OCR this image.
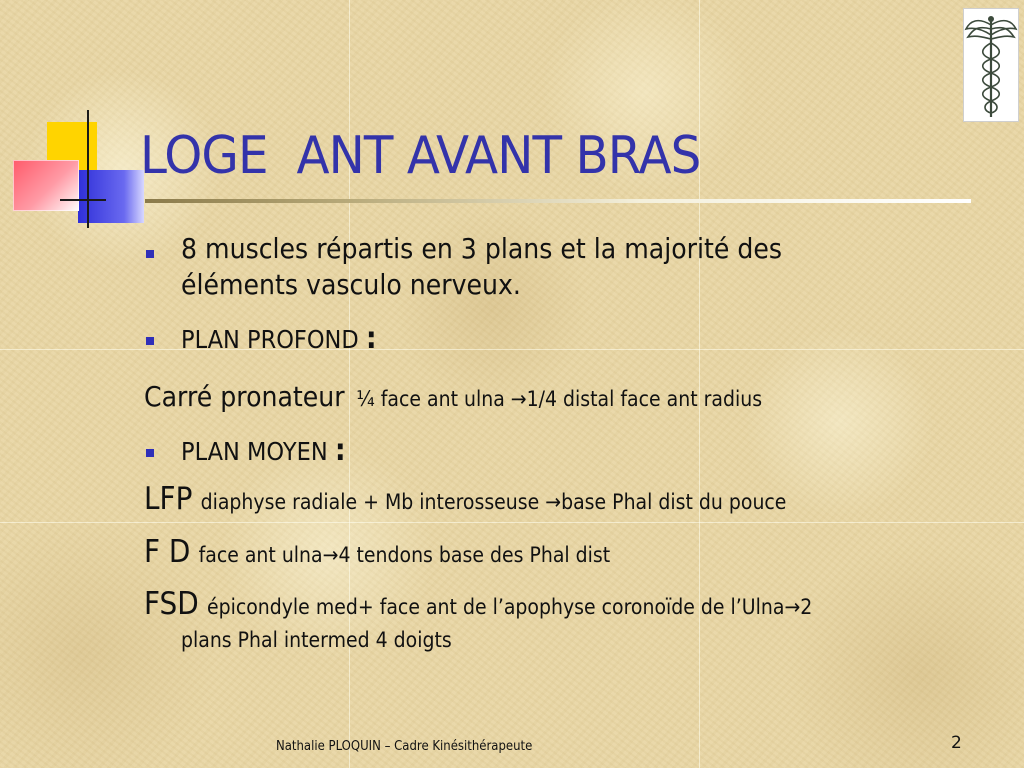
LOGE  ANT AVANT BRAS
8 muscles répartis en 3 plans et la majorité des
éléments vasculo nerveux.
PLAN PROFOND :
Carré pronateur ¼ face ant ulna →1/4 distal face ant radius
PLAN MOYEN :
LFP diaphyse radiale + Mb interosseuse →base Phal dist du pouce
F D face ant ulna→4 tendons base des Phal dist
FSD épicondyle med+ face ant de l’apophyse coronoïde de l’Ulna→2
plans Phal intermed 4 doigts
Nathalie PLOQUIN – Cadre Kinésithérapeute	2
